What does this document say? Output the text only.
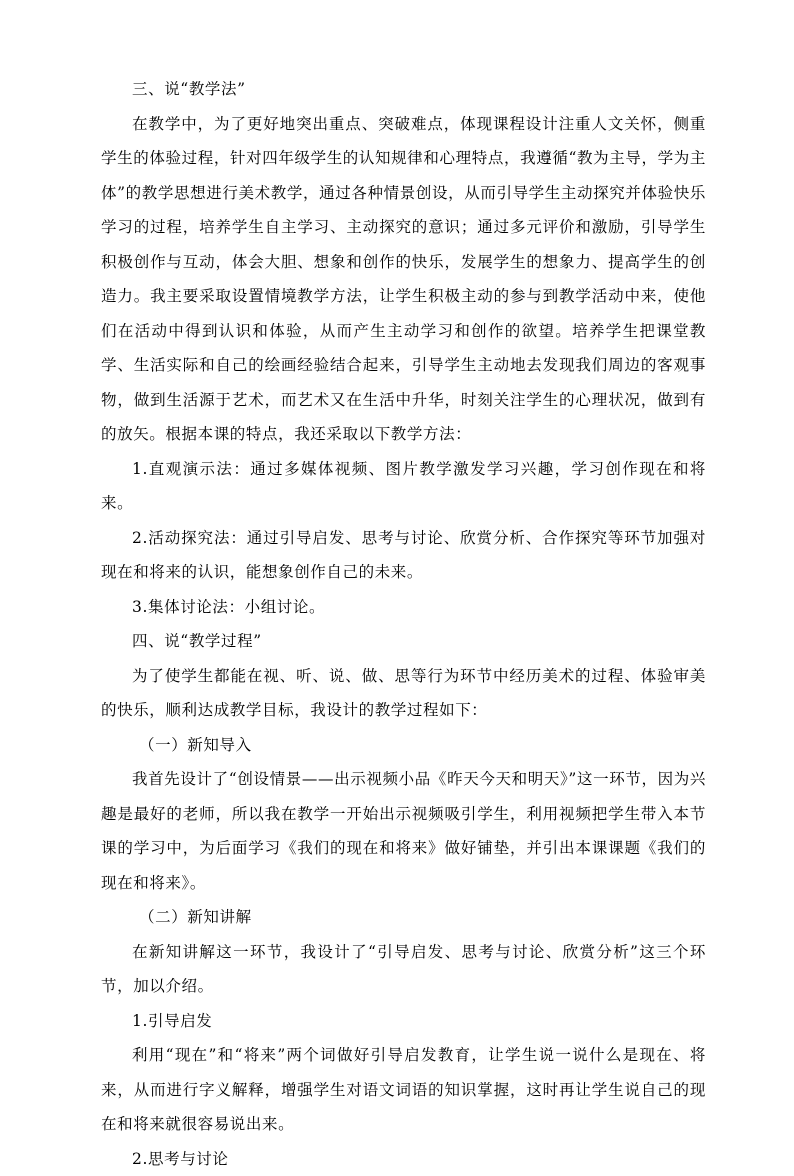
三、说“教学法”

在教学中，为了更好地突出重点、突破难点，体现课程设计注重人文关怀，侧重学生的体验过程，针对四年级学生的认知规律和心理特点，我遵循“教为主导，学为主体”的教学思想进行美术教学，通过各种情景创设，从而引导学生主动探究并体验快乐学习的过程，培养学生自主学习、主动探究的意识；通过多元评价和激励，引导学生积极创作与互动，体会大胆、想象和创作的快乐，发展学生的想象力、提高学生的创造力。我主要采取设置情境教学方法，让学生积极主动的参与到教学活动中来，使他们在活动中得到认识和体验，从而产生主动学习和创作的欲望。培养学生把课堂教学、生活实际和自己的绘画经验结合起来，引导学生主动地去发现我们周边的客观事物，做到生活源于艺术，而艺术又在生活中升华，时刻关注学生的心理状况，做到有的放矢。根据本课的特点，我还采取以下教学方法：

1.直观演示法：通过多媒体视频、图片教学激发学习兴趣，学习创作现在和将来。

2.活动探究法：通过引导启发、思考与讨论、欣赏分析、合作探究等环节加强对现在和将来的认识，能想象创作自己的未来。

3.集体讨论法：小组讨论。

四、说“教学过程”

为了使学生都能在视、听、说、做、思等行为环节中经历美术的过程、体验审美的快乐，顺利达成教学目标，我设计的教学过程如下：

（一）新知导入

我首先设计了“创设情景——出示视频小品《昨天今天和明天》”这一环节，因为兴趣是最好的老师，所以我在教学一开始出示视频吸引学生，利用视频把学生带入本节课的学习中，为后面学习《我们的现在和将来》做好铺垫，并引出本课课题《我们的现在和将来》。

（二）新知讲解

在新知讲解这一环节，我设计了“引导启发、思考与讨论、欣赏分析”这三个环节，加以介绍。

1.引导启发

利用“现在”和“将来”两个词做好引导启发教育，让学生说一说什么是现在、将来，从而进行字义解释，增强学生对语文词语的知识掌握，这时再让学生说自己的现在和将来就很容易说出来。

2.思考与讨论
